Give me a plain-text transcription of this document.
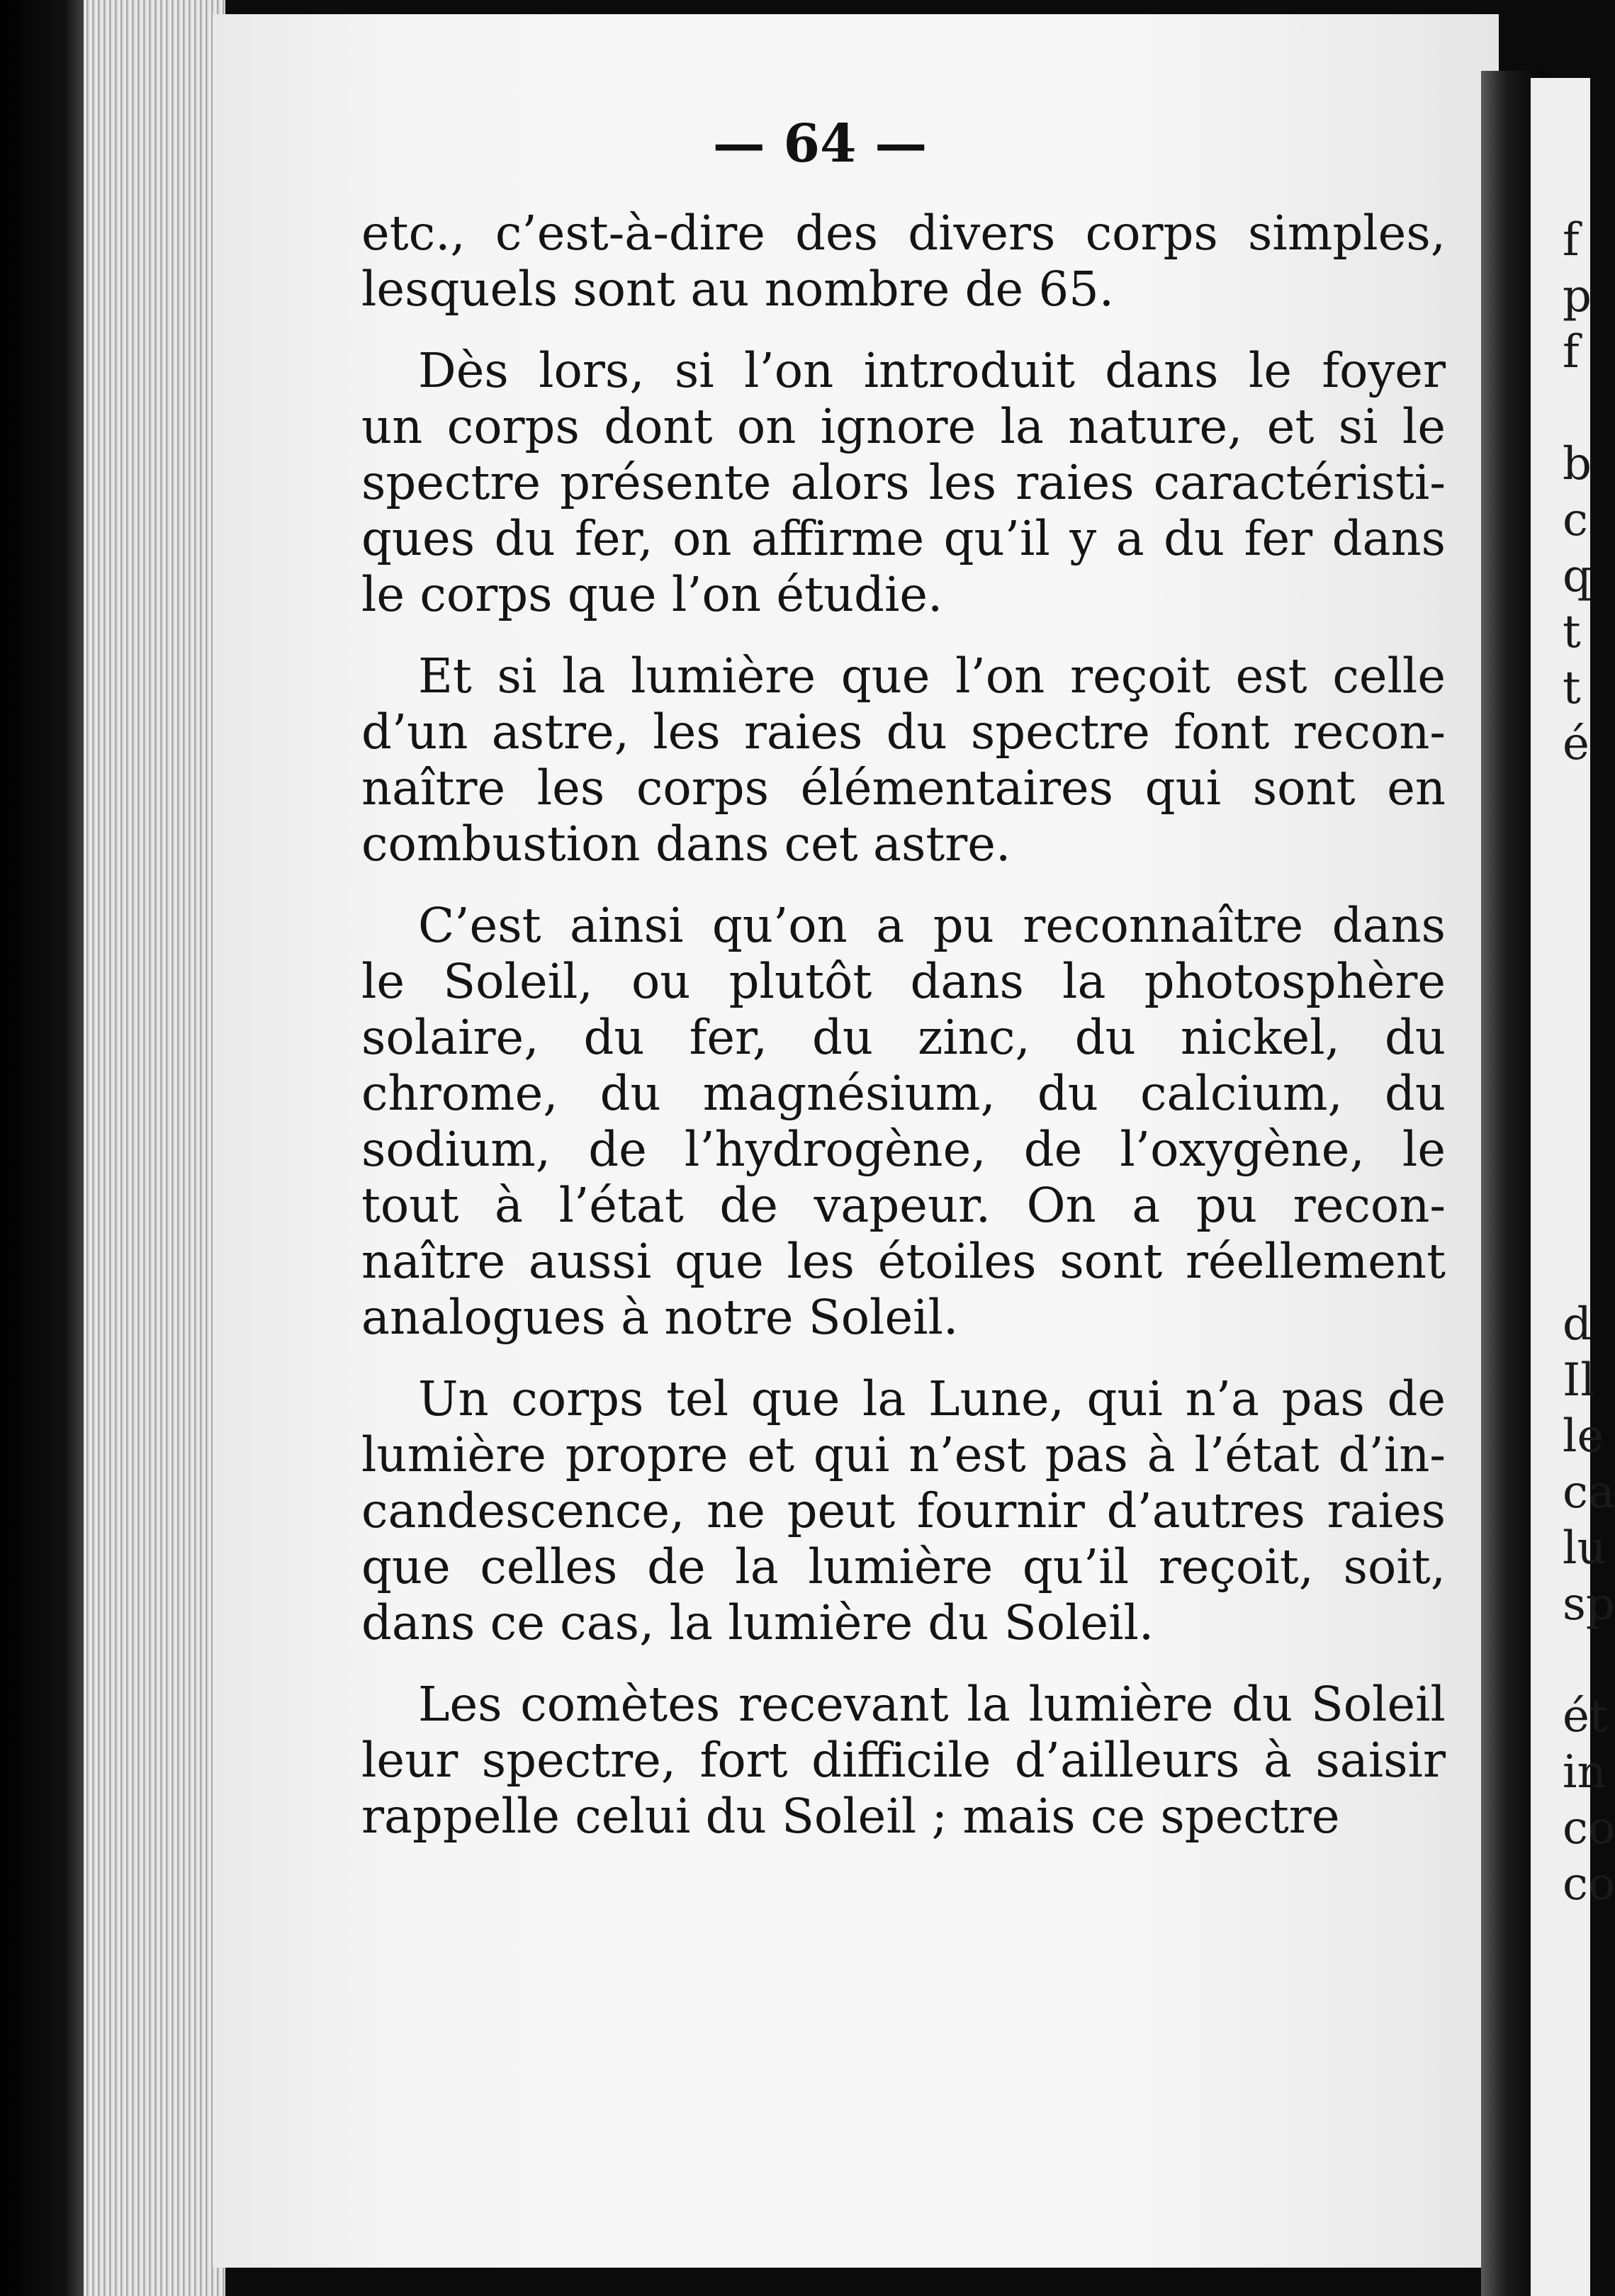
— 64 —
etc., c’est-à-dire des divers corps simples,
lesquels sont au nombre de 65.
Dès lors, si l’on introduit dans le foyer
un corps dont on ignore la nature, et si le
spectre présente alors les raies caractéristi-
ques du fer, on affirme qu’il y a du fer dans
le corps que l’on étudie.
Et si la lumière que l’on reçoit est celle
d’un astre, les raies du spectre font recon-
naître les corps élémentaires qui sont en
combustion dans cet astre.
C’est ainsi qu’on a pu reconnaître dans
le Soleil, ou plutôt dans la photosphère
solaire, du fer, du zinc, du nickel, du
chrome, du magnésium, du calcium, du
sodium, de l’hydrogène, de l’oxygène, le
tout à l’état de vapeur. On a pu recon-
naître aussi que les étoiles sont réellement
analogues à notre Soleil.
Un corps tel que la Lune, qui n’a pas de
lumière propre et qui n’est pas à l’état d’in-
candescence, ne peut fournir d’autres raies
que celles de la lumière qu’il reçoit, soit,
dans ce cas, la lumière du Soleil.
Les comètes recevant la lumière du Soleil
leur spectre, fort difficile d’ailleurs à saisir
rappelle celui du Soleil ; mais ce spectre
f
p
f
b
c
q
t
t
é
d
Il
le
ca
lu
sp
ét
in
co
co
